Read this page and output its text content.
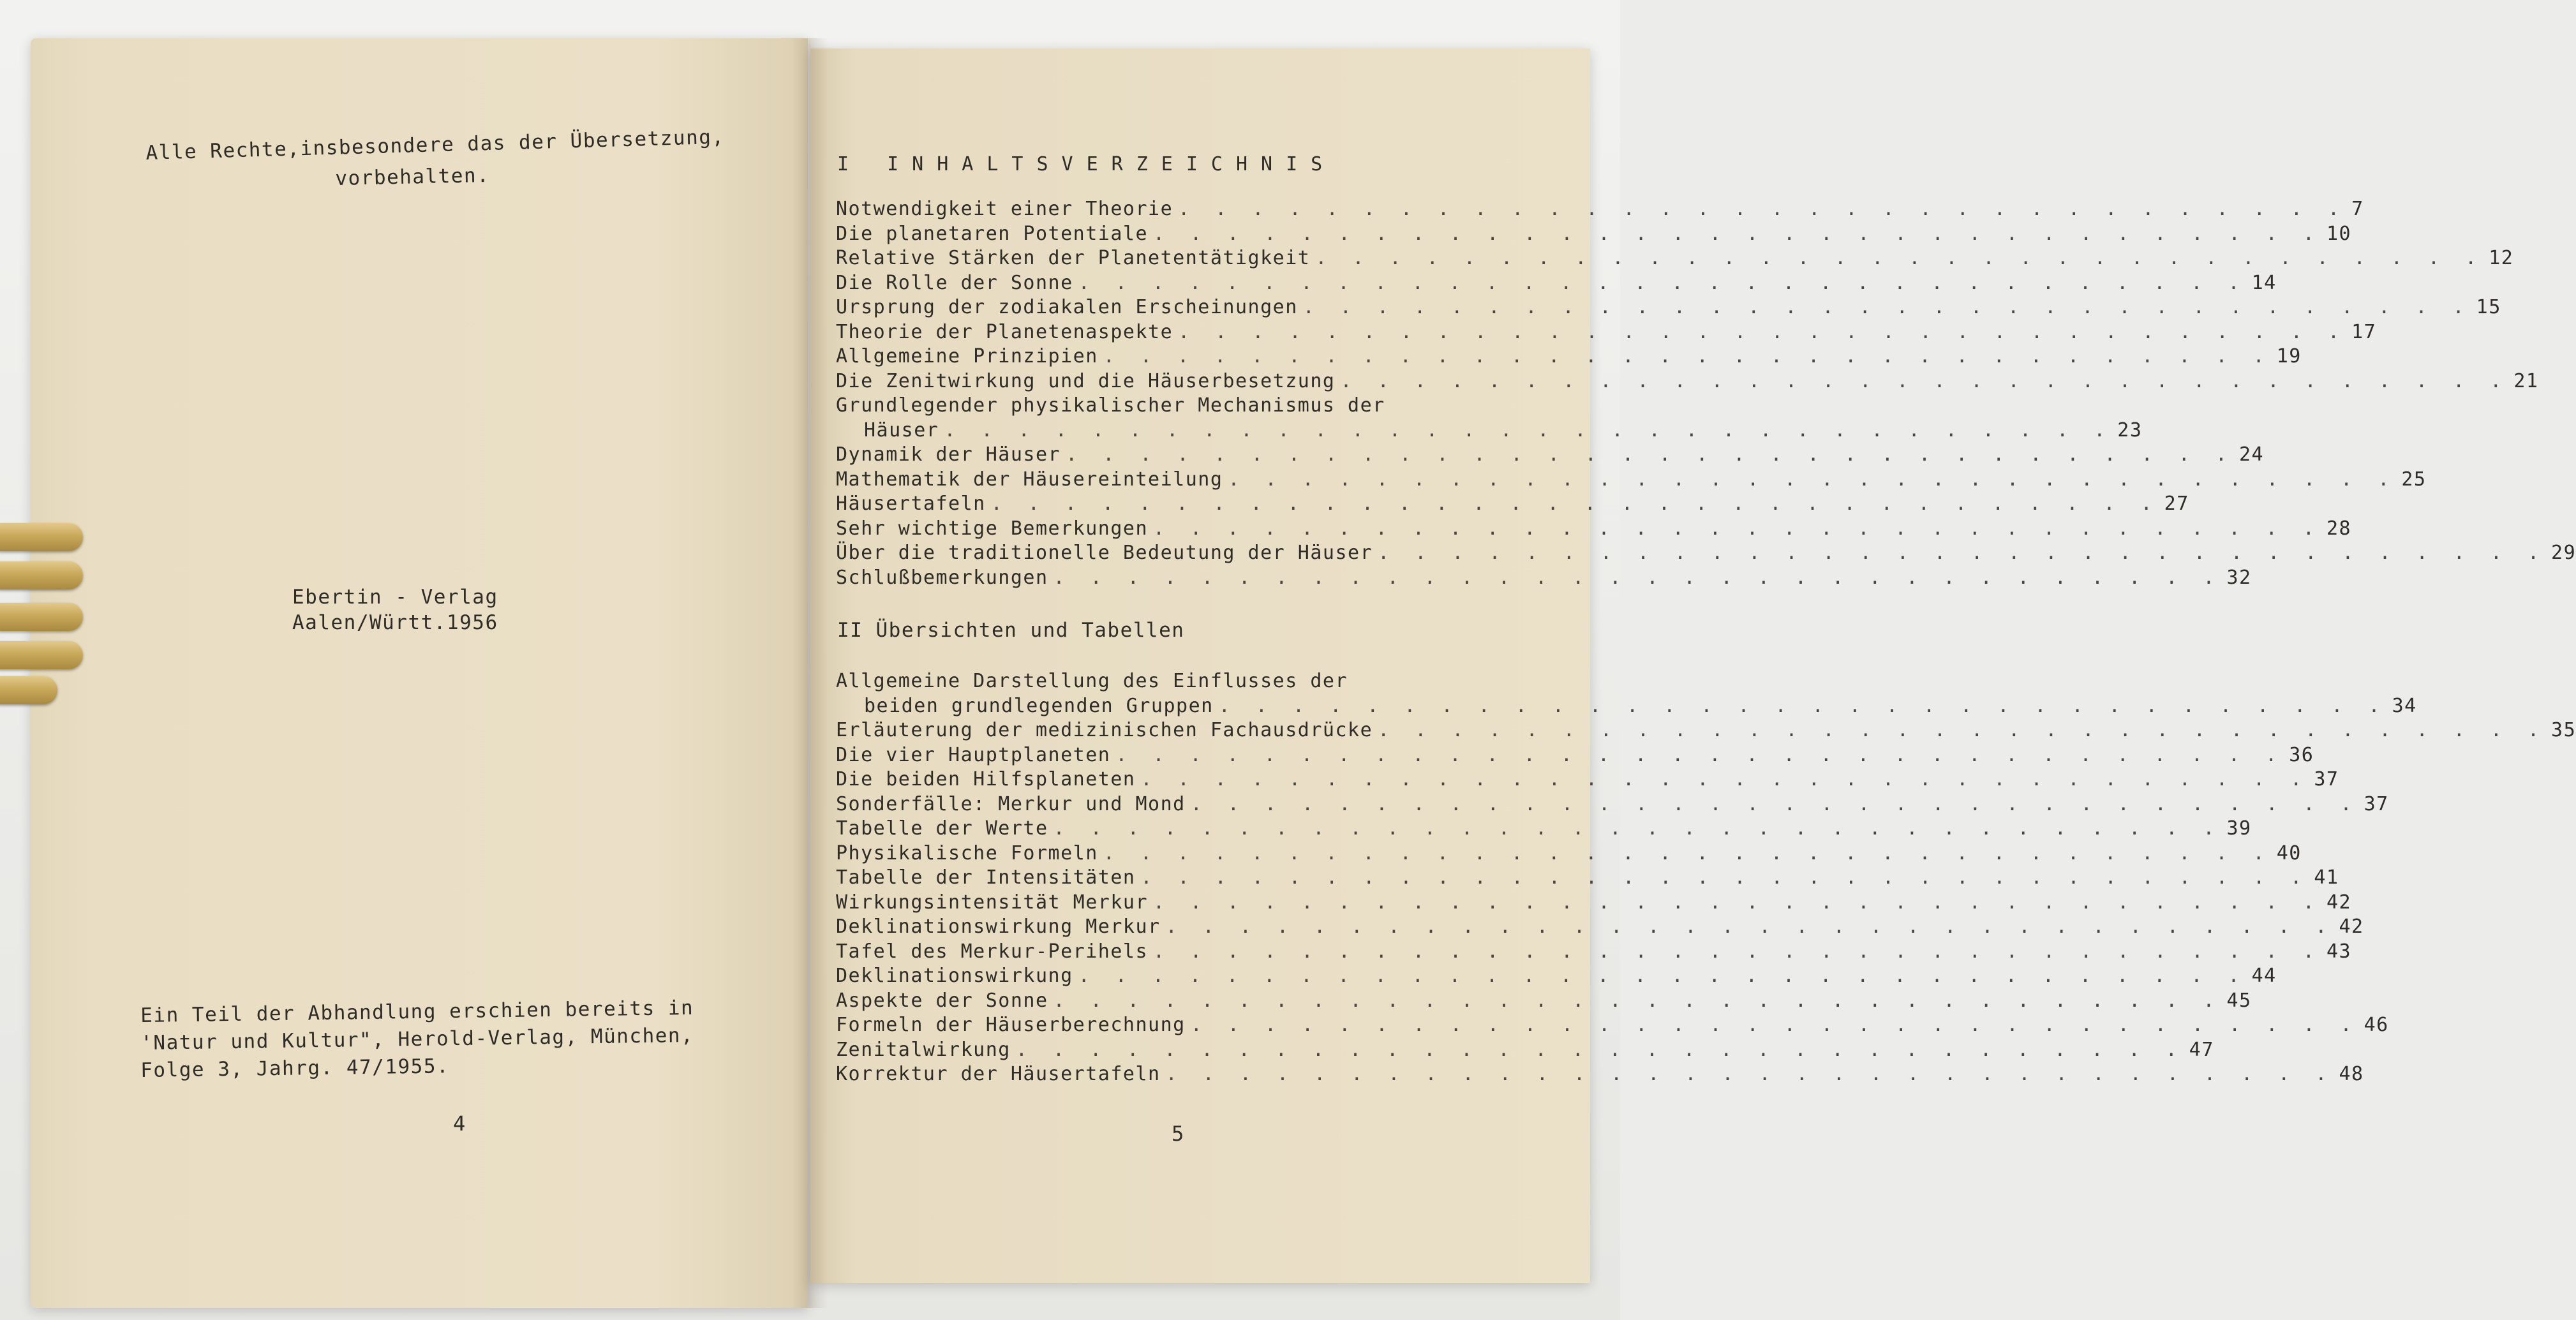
Alle Rechte,insbesondere das der Übersetzung,
vorbehalten.
Ebertin - Verlag
Aalen/Württ.1956
Ein Teil der Abhandlung erschien bereits in
'Natur und Kultur", Herold-Verlag, München,
Folge 3, Jahrg. 47/1955.
4
I INHALTSVERZEICHNIS
Notwendigkeit einer Theorie . . . . . . . . . . . . . . . . . . . . . . . . . . . . . . . . 7
Die planetaren Potentiale . . . . . . . . . . . . . . . . . . . . . . . . . . . . . . . . 10
Relative Stärken der Planetentätigkeit . . . . . . . . . . . . . . . . . . . . . . . . . . . . . . . . 12
Die Rolle der Sonne . . . . . . . . . . . . . . . . . . . . . . . . . . . . . . . . 14
Ursprung der zodiakalen Erscheinungen . . . . . . . . . . . . . . . . . . . . . . . . . . . . . . . . 15
Theorie der Planetenaspekte . . . . . . . . . . . . . . . . . . . . . . . . . . . . . . . . 17
Allgemeine Prinzipien . . . . . . . . . . . . . . . . . . . . . . . . . . . . . . . . 19
Die Zenitwirkung und die Häuserbesetzung . . . . . . . . . . . . . . . . . . . . . . . . . . . . . . . . 21
Grundlegender physikalischer Mechanismus der
Häuser . . . . . . . . . . . . . . . . . . . . . . . . . . . . . . . . 23
Dynamik der Häuser . . . . . . . . . . . . . . . . . . . . . . . . . . . . . . . . 24
Mathematik der Häusereinteilung . . . . . . . . . . . . . . . . . . . . . . . . . . . . . . . . 25
Häusertafeln . . . . . . . . . . . . . . . . . . . . . . . . . . . . . . . . 27
Sehr wichtige Bemerkungen . . . . . . . . . . . . . . . . . . . . . . . . . . . . . . . . 28
Über die traditionelle Bedeutung der Häuser . . . . . . . . . . . . . . . . . . . . . . . . . . . . . . . . 29
Schlußbemerkungen . . . . . . . . . . . . . . . . . . . . . . . . . . . . . . . . 32
II Übersichten und Tabellen
Allgemeine Darstellung des Einflusses der
beiden grundlegenden Gruppen . . . . . . . . . . . . . . . . . . . . . . . . . . . . . . . . 34
Erläuterung der medizinischen Fachausdrücke . . . . . . . . . . . . . . . . . . . . . . . . . . . . . . . . 35
Die vier Hauptplaneten . . . . . . . . . . . . . . . . . . . . . . . . . . . . . . . . 36
Die beiden Hilfsplaneten . . . . . . . . . . . . . . . . . . . . . . . . . . . . . . . . 37
Sonderfälle: Merkur und Mond . . . . . . . . . . . . . . . . . . . . . . . . . . . . . . . . 37
Tabelle der Werte . . . . . . . . . . . . . . . . . . . . . . . . . . . . . . . . 39
Physikalische Formeln . . . . . . . . . . . . . . . . . . . . . . . . . . . . . . . . 40
Tabelle der Intensitäten . . . . . . . . . . . . . . . . . . . . . . . . . . . . . . . . 41
Wirkungsintensität Merkur . . . . . . . . . . . . . . . . . . . . . . . . . . . . . . . . 42
Deklinationswirkung Merkur . . . . . . . . . . . . . . . . . . . . . . . . . . . . . . . . 42
Tafel des Merkur-Perihels . . . . . . . . . . . . . . . . . . . . . . . . . . . . . . . . 43
Deklinationswirkung . . . . . . . . . . . . . . . . . . . . . . . . . . . . . . . . 44
Aspekte der Sonne . . . . . . . . . . . . . . . . . . . . . . . . . . . . . . . . 45
Formeln der Häuserberechnung . . . . . . . . . . . . . . . . . . . . . . . . . . . . . . . . 46
Zenitalwirkung . . . . . . . . . . . . . . . . . . . . . . . . . . . . . . . . 47
Korrektur der Häusertafeln . . . . . . . . . . . . . . . . . . . . . . . . . . . . . . . . 48
5
